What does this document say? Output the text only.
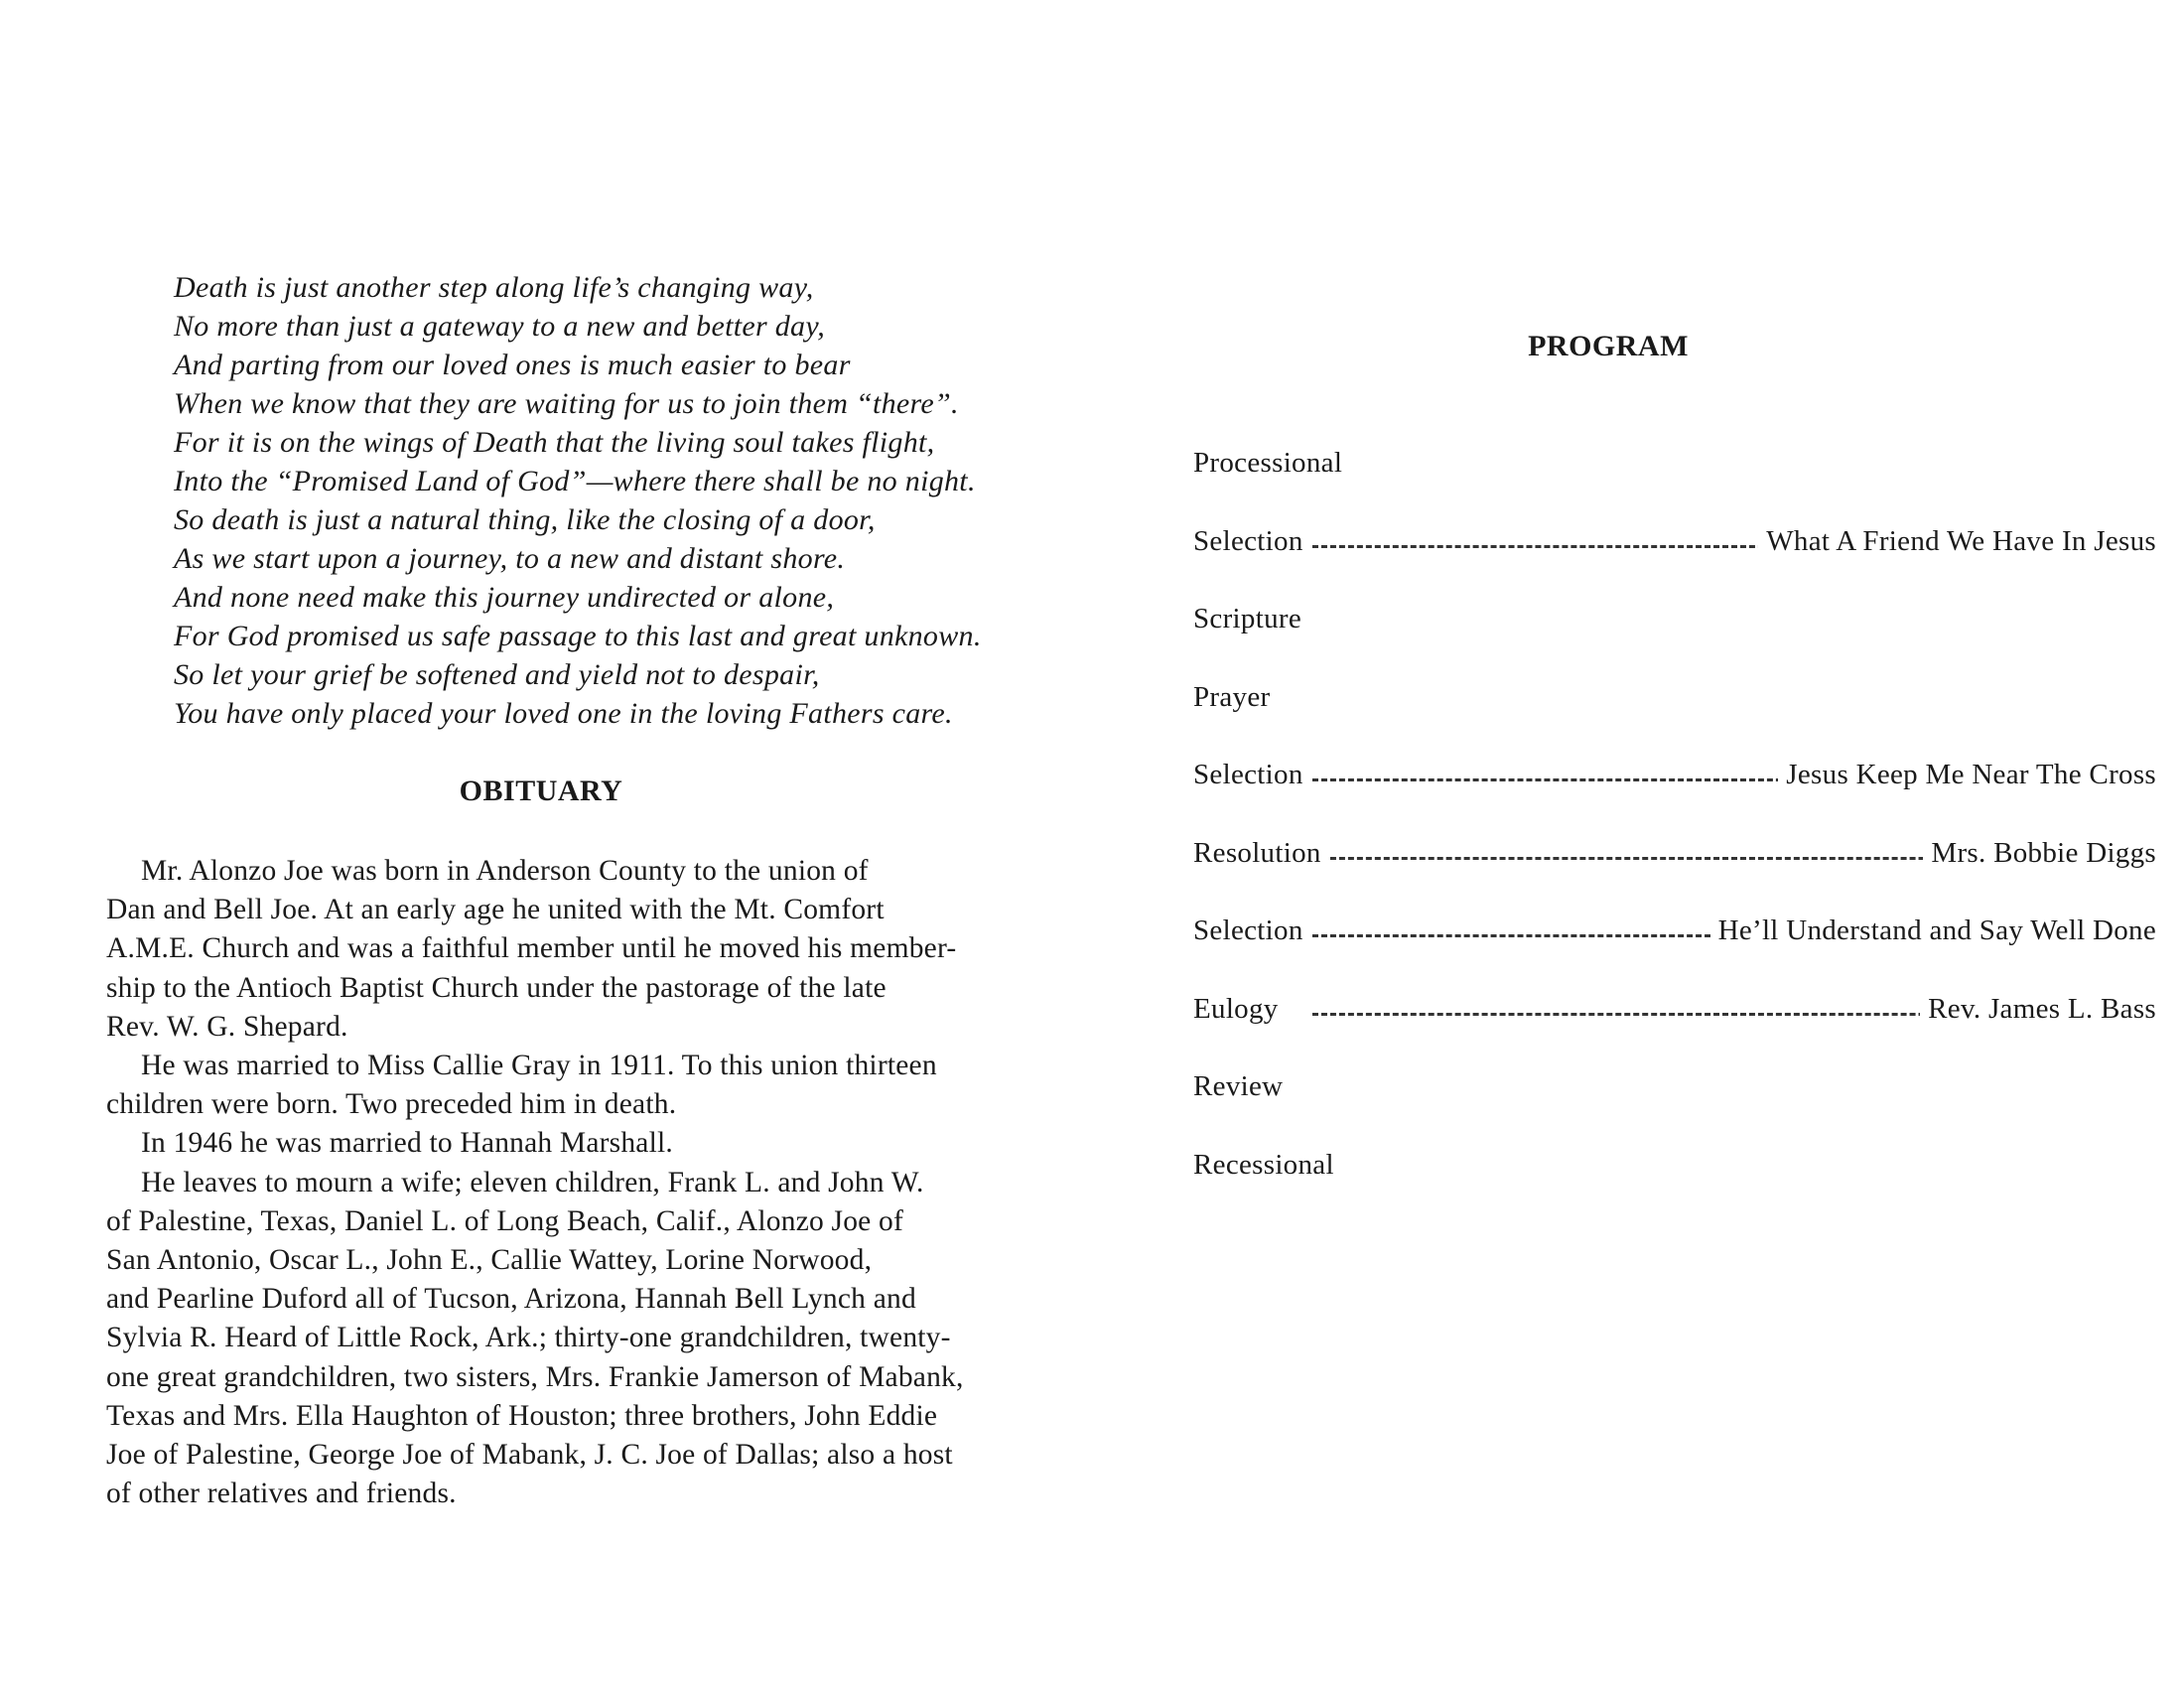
Death is just another step along life’s changing way,
No more than just a gateway to a new and better day,
And parting from our loved ones is much easier to bear
When we know that they are waiting for us to join them “there”.
For it is on the wings of Death that the living soul takes flight,
Into the “Promised Land of God”—where there shall be no night.
So death is just a natural thing, like the closing of a door,
As we start upon a journey, to a new and distant shore.
And none need make this journey undirected or alone,
For God promised us safe passage to this last and great unknown.
So let your grief be softened and yield not to despair,
You have only placed your loved one in the loving Fathers care.
OBITUARY
Mr. Alonzo Joe was born in Anderson County to the union of
Dan and Bell Joe. At an early age he united with the Mt. Comfort
A.M.E. Church and was a faithful member until he moved his member-
ship to the Antioch Baptist Church under the pastorage of the late
Rev. W. G. Shepard.
He was married to Miss Callie Gray in 1911. To this union thirteen
children were born. Two preceded him in death.
In 1946 he was married to Hannah Marshall.
He leaves to mourn a wife; eleven children, Frank L. and John W.
of Palestine, Texas, Daniel L. of Long Beach, Calif., Alonzo Joe of
San Antonio, Oscar L., John E., Callie Wattey, Lorine Norwood,
and Pearline Duford all of Tucson, Arizona, Hannah Bell Lynch and
Sylvia R. Heard of Little Rock, Ark.; thirty-one grandchildren, twenty-
one great grandchildren, two sisters, Mrs. Frankie Jamerson of Mabank,
Texas and Mrs. Ella Haughton of Houston; three brothers, John Eddie
Joe of Palestine, George Joe of Mabank, J. C. Joe of Dallas; also a host
of other relatives and friends.
PROGRAM
Processional
Selection	What A Friend We Have In Jesus
Scripture
Prayer
Selection	Jesus Keep Me Near The Cross
Resolution	Mrs. Bobbie Diggs
Selection	He’ll Understand and Say Well Done
Eulogy	Rev. James L. Bass
Review
Recessional
